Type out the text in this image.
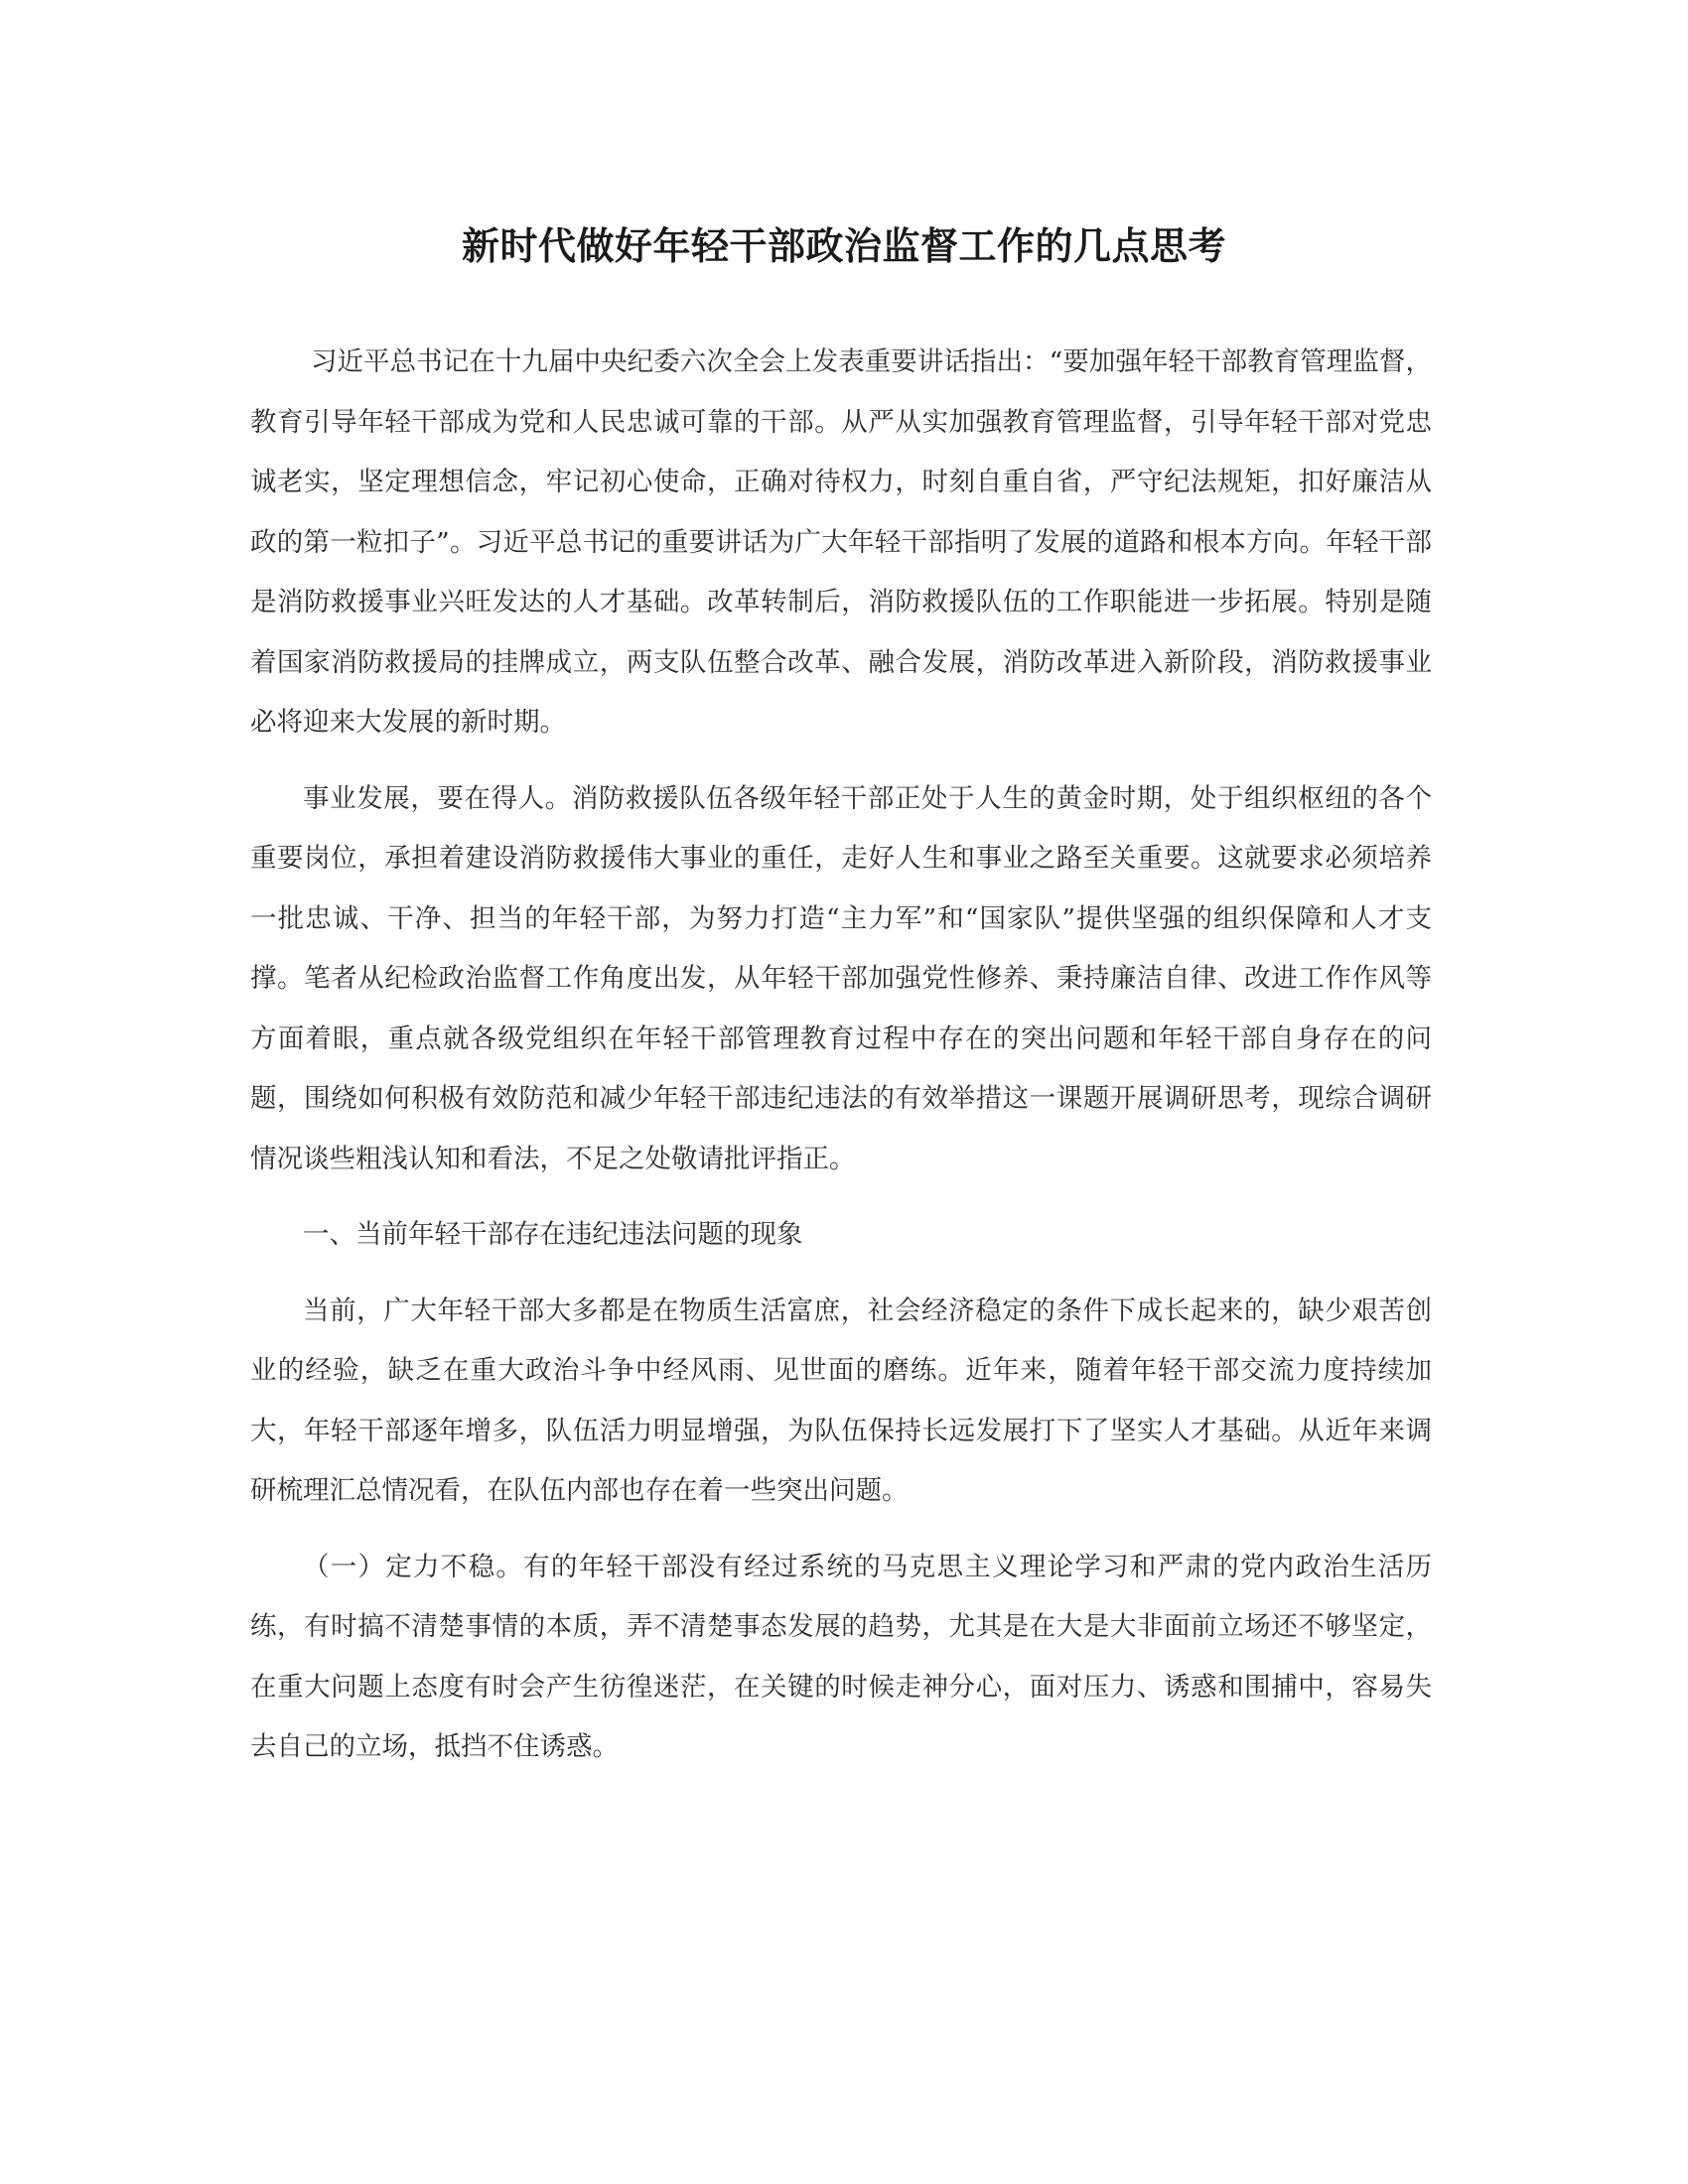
新时代做好年轻干部政治监督工作的几点思考

习近平总书记在十九届中央纪委六次全会上发表重要讲话指出：“要加强年轻干部教育管理监督，教育引导年轻干部成为党和人民忠诚可靠的干部。从严从实加强教育管理监督，引导年轻干部对党忠诚老实，坚定理想信念，牢记初心使命，正确对待权力，时刻自重自省，严守纪法规矩，扣好廉洁从政的第一粒扣子”。习近平总书记的重要讲话为广大年轻干部指明了发展的道路和根本方向。年轻干部是消防救援事业兴旺发达的人才基础。改革转制后，消防救援队伍的工作职能进一步拓展。特别是随着国家消防救援局的挂牌成立，两支队伍整合改革、融合发展，消防改革进入新阶段，消防救援事业必将迎来大发展的新时期。

事业发展，要在得人。消防救援队伍各级年轻干部正处于人生的黄金时期，处于组织枢纽的各个重要岗位，承担着建设消防救援伟大事业的重任，走好人生和事业之路至关重要。这就要求必须培养一批忠诚、干净、担当的年轻干部，为努力打造“主力军”和“国家队”提供坚强的组织保障和人才支撑。笔者从纪检政治监督工作角度出发，从年轻干部加强党性修养、秉持廉洁自律、改进工作作风等方面着眼，重点就各级党组织在年轻干部管理教育过程中存在的突出问题和年轻干部自身存在的问题，围绕如何积极有效防范和减少年轻干部违纪违法的有效举措这一课题开展调研思考，现综合调研情况谈些粗浅认知和看法，不足之处敬请批评指正。

一、当前年轻干部存在违纪违法问题的现象

当前，广大年轻干部大多都是在物质生活富庶，社会经济稳定的条件下成长起来的，缺少艰苦创业的经验，缺乏在重大政治斗争中经风雨、见世面的磨练。近年来，随着年轻干部交流力度持续加大，年轻干部逐年增多，队伍活力明显增强，为队伍保持长远发展打下了坚实人才基础。从近年来调研梳理汇总情况看，在队伍内部也存在着一些突出问题。

（一）定力不稳。有的年轻干部没有经过系统的马克思主义理论学习和严肃的党内政治生活历练，有时搞不清楚事情的本质，弄不清楚事态发展的趋势，尤其是在大是大非面前立场还不够坚定，在重大问题上态度有时会产生彷徨迷茫，在关键的时候走神分心，面对压力、诱惑和围捕中，容易失去自己的立场，抵挡不住诱惑。
